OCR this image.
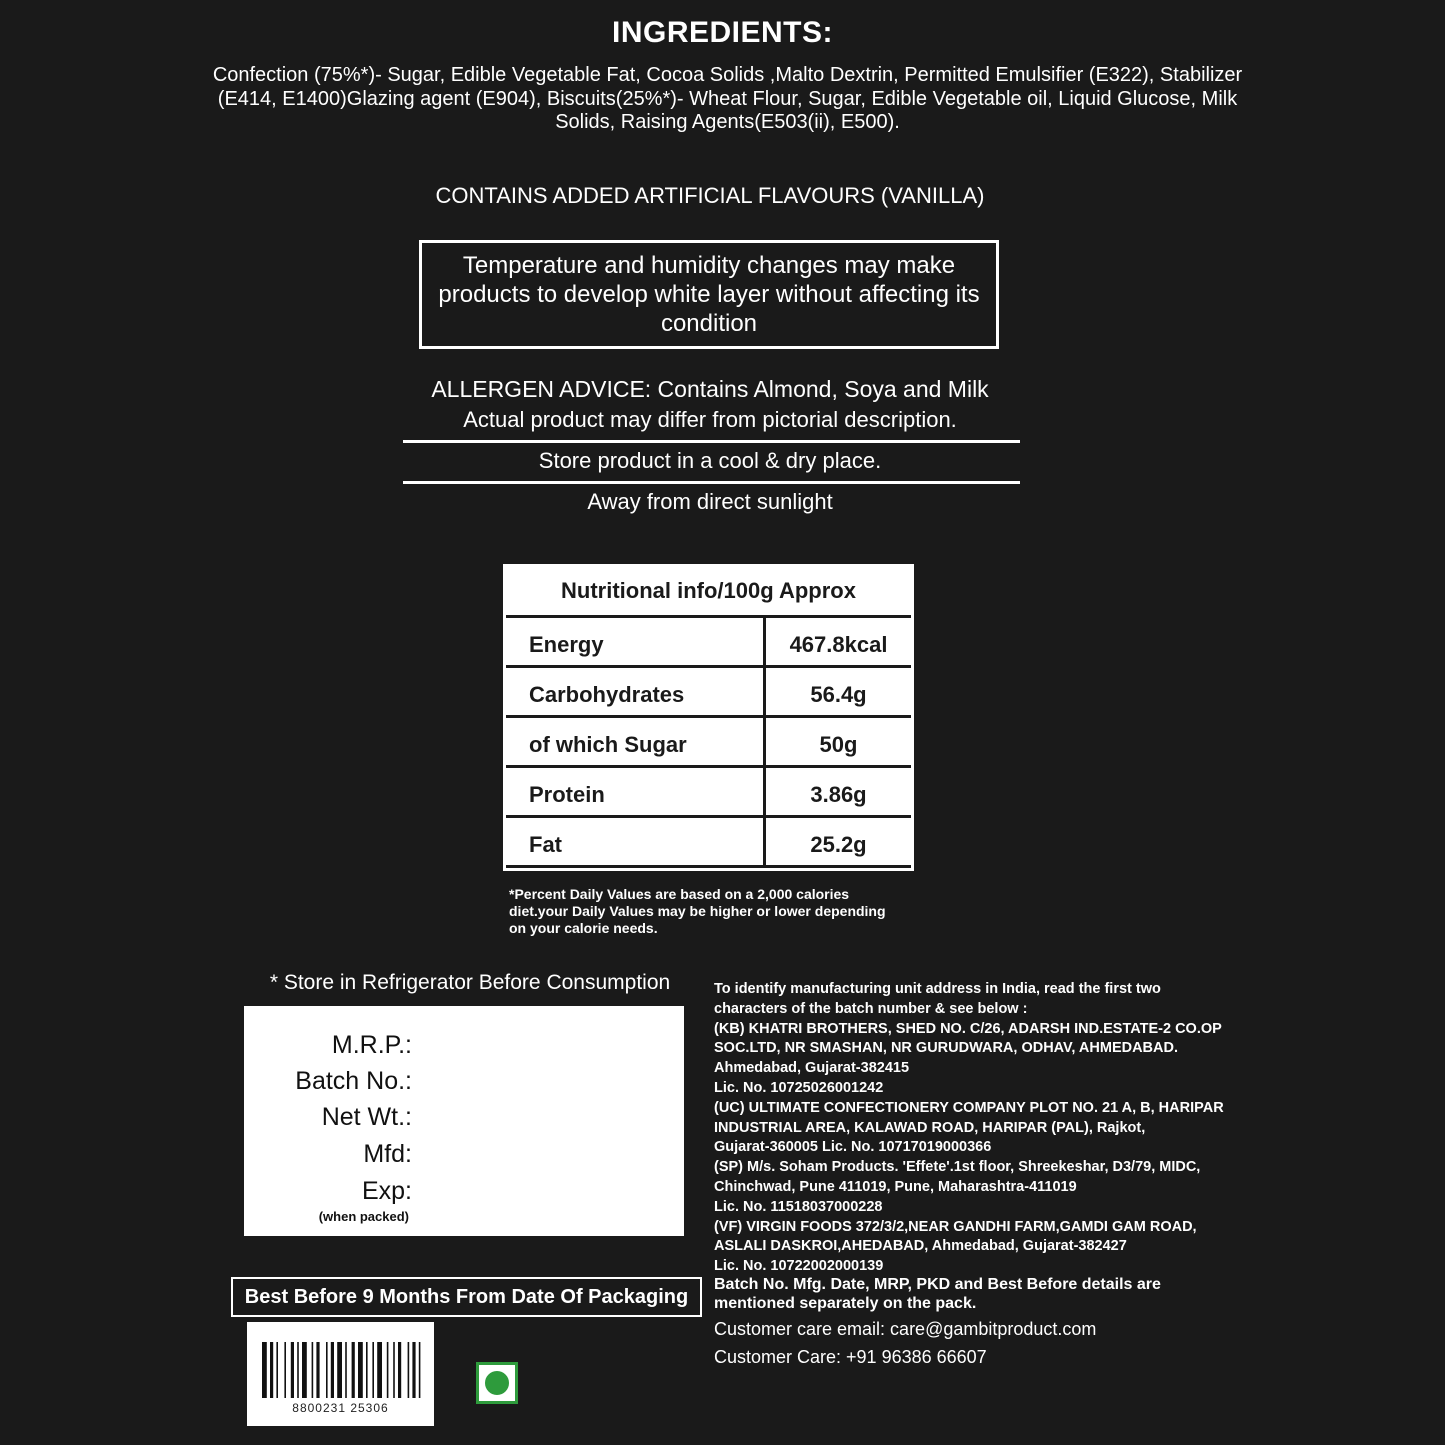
INGREDIENTS:
Confection (75%*)- Sugar, Edible Vegetable Fat, Cocoa Solids ,Malto Dextrin, Permitted Emulsifier (E322), Stabilizer (E414, E1400)Glazing agent (E904), Biscuits(25%*)- Wheat Flour, Sugar, Edible Vegetable oil, Liquid Glucose, Milk Solids, Raising Agents(E503(ii), E500).
CONTAINS ADDED ARTIFICIAL FLAVOURS (VANILLA)
Temperature and humidity changes may make products to develop white layer without affecting its condition
ALLERGEN ADVICE: Contains Almond, Soya and Milk
Actual product may differ from pictorial description.
Store product in a cool & dry place.
Away from direct sunlight
Nutritional info/100g Approx
Energy	467.8kcal
Carbohydrates	56.4g
of which Sugar	50g
Protein	3.86g
Fat	25.2g
*Percent Daily Values are based on a 2,000 calories
diet.your Daily Values may be higher or lower depending
on your calorie needs.
* Store in Refrigerator Before Consumption
M.R.P.:
Batch No.:
Net Wt.:
Mfd:
Exp:
(when packed)
Best Before 9 Months From Date Of Packaging
8800231 25306
To identify manufacturing unit address in India, read the first two
characters of the batch number & see below :
(KB) KHATRI BROTHERS, SHED NO. C/26, ADARSH IND.ESTATE-2 CO.OP
SOC.LTD, NR SMASHAN, NR GURUDWARA, ODHAV, AHMEDABAD.
Ahmedabad, Gujarat-382415
Lic. No. 10725026001242
(UC) ULTIMATE CONFECTIONERY COMPANY PLOT NO. 21 A, B, HARIPAR
INDUSTRIAL AREA, KALAWAD ROAD, HARIPAR (PAL), Rajkot,
Gujarat-360005 Lic. No. 10717019000366
(SP) M/s. Soham Products. 'Effete'.1st floor, Shreekeshar, D3/79, MIDC,
Chinchwad, Pune 411019, Pune, Maharashtra-411019
Lic. No. 11518037000228
(VF) VIRGIN FOODS 372/3/2,NEAR GANDHI FARM,GAMDI GAM ROAD,
ASLALI DASKROI,AHEDABAD, Ahmedabad, Gujarat-382427
Lic. No. 10722002000139
Batch No. Mfg. Date, MRP, PKD and Best Before details are mentioned separately on the pack.
Customer care email: care@gambitproduct.com
Customer Care: +91 96386 66607
